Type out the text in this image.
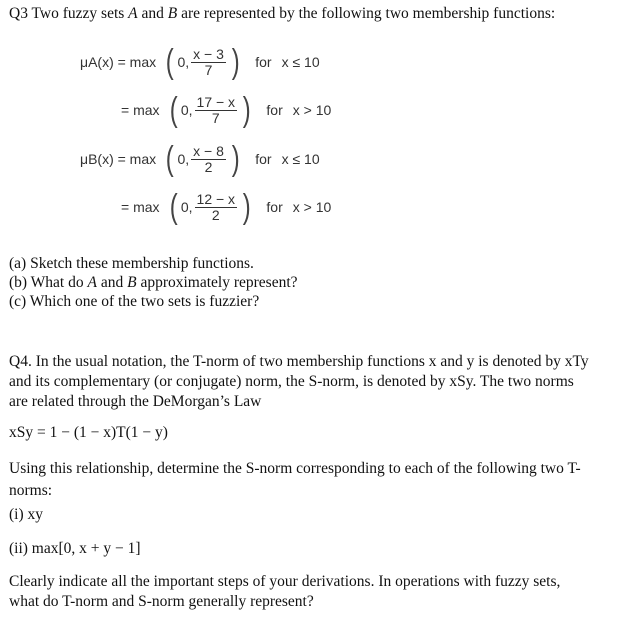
Q3 Two fuzzy sets A and B are represented by the following two membership functions:
μA(x) = max ( 0, $\frac{x - 3}{7}$ ) for x ≤ 10
= max ( 0, $\frac{17 - x}{7}$ ) for x > 10
μB(x) = max ( 0, $\frac{x - 8}{2}$ ) for x ≤ 10
= max ( 0, $\frac{12 - x}{2}$ ) for x > 10

(a) Sketch these membership functions.

(b) What do A and B approximately represent?

(c) Which one of the two sets is fuzzier?

Q4. In the usual notation, the T-norm of two membership functions x and y is denoted by xTy

and its complementary (or conjugate) norm, the S-norm, is denoted by xSy. The two norms

are related through the DeMorgan’s Law

xSy = 1 − (1 − x)T(1 − y)

Using this relationship, determine the S-norm corresponding to each of the following two T-

norms:

(i) xy
(ii) max[0, x + y − 1]

Clearly indicate all the important steps of your derivations. In operations with fuzzy sets,

what do T-norm and S-norm generally represent?
